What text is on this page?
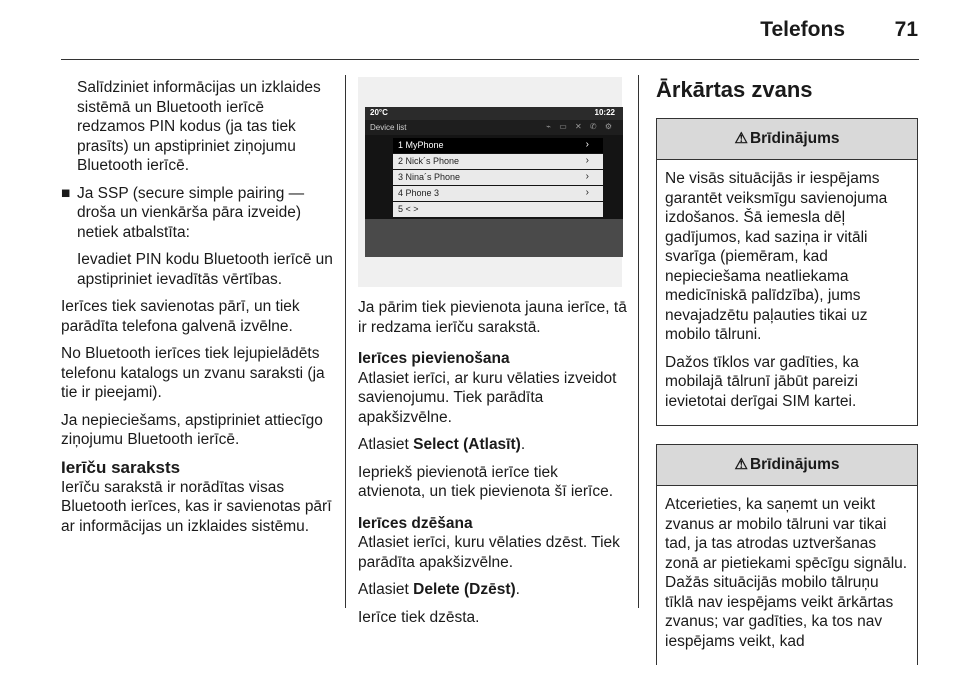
Telefons 71

Salīdziniet informācijas un izklaides sistēmā un Bluetooth ierīcē redzamos PIN kodus (ja tas tiek prasīts) un apstipriniet ziņojumu Bluetooth ierīcē.

■ Ja SSP (secure simple pairing — droša un vienkārša pāra izveide) netiek atbalstīta:

Ievadiet PIN kodu Bluetooth ierīcē un apstipriniet ievadītās vērtības.

Ierīces tiek savienotas pārī, un tiek parādīta telefona galvenā izvēlne.

No Bluetooth ierīces tiek lejupielādēts telefonu katalogs un zvanu saraksti (ja tie ir pieejami).

Ja nepieciešams, apstipriniet attiecīgo ziņojumu Bluetooth ierīcē.

Ierīču saraksts

Ierīču sarakstā ir norādītas visas Bluetooth ierīces, kas ir savienotas pārī ar informācijas un izklaides sistēmu.

20°C	10:22
Device list	⌁ ▭ ✕ ✆ ⚙
1 MyPhone	›
2 Nick´s Phone	›
3 Nina´s Phone	›
4 Phone 3	›
5 < >

Ja pārim tiek pievienota jauna ierīce, tā ir redzama ierīču sarakstā.

Ierīces pievienošana

Atlasiet ierīci, ar kuru vēlaties izveidot savienojumu. Tiek parādīta apakšizvēlne.

Atlasiet Select (Atlasīt).

Iepriekš pievienotā ierīce tiek atvienota, un tiek pievienota šī ierīce.

Ierīces dzēšana

Atlasiet ierīci, kuru vēlaties dzēst. Tiek parādīta apakšizvēlne.

Atlasiet Delete (Dzēst).

Ierīce tiek dzēsta.

Ārkārtas zvans
⚠ Brīdinājums

Ne visās situācijās ir iespējams garantēt veiksmīgu savienojuma izdošanos. Šā iemesla dēļ gadījumos, kad saziņa ir vitāli svarīga (piemēram, kad nepieciešama neatliekama medicīniskā palīdzība), jums nevajadzētu paļauties tikai uz mobilo tālruni.

Dažos tīklos var gadīties, ka mobilajā tālrunī jābūt pareizi ievietotai derīgai SIM kartei.

⚠ Brīdinājums

Atcerieties, ka saņemt un veikt zvanus ar mobilo tālruni var tikai tad, ja tas atrodas uztveršanas zonā ar pietiekami spēcīgu signālu. Dažās situācijās mobilo tālruņu tīklā nav iespējams veikt ārkārtas zvanus; var gadīties, ka tos nav iespējams veikt, kad
